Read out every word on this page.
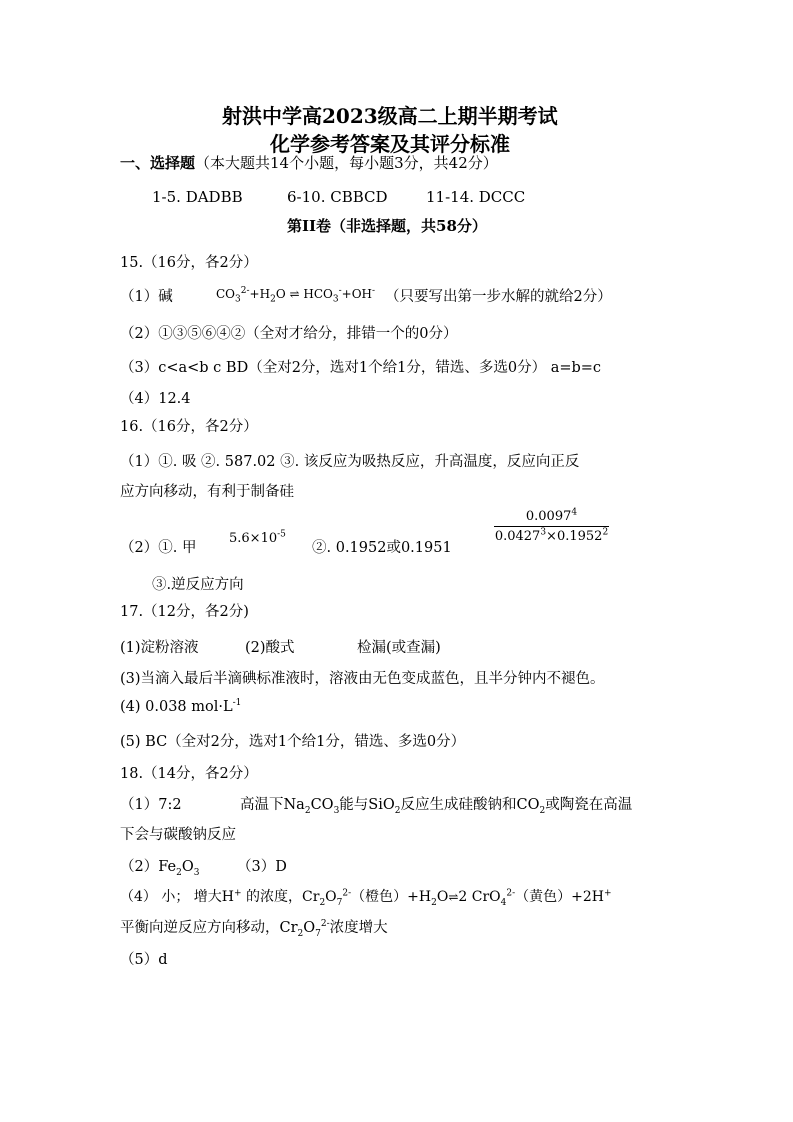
射洪中学高2023级高二上期半期考试
化学参考答案及其评分标准
一、选择题（本大题共14个小题，每小题3分，共42分）
1-5. DADBB	6-10. CBBCD	11-14. DCCC
第II卷（非选择题，共58分）
15.（16分，各2分）
（1）碱	$CO_3^{2-}+H_2O$ ⇌ $HCO_3^-+OH^-$ （只要写出第一步水解的就给2分）
（2）①③⑤⑥④②（全对才给分，排错一个的0分）
（3）c<a<b c BD（全对2分，选对1个给1分，错选、多选0分） a=b=c
（4）12.4
16.（16分，各2分）
（1）①. 吸 ②. 587.02 ③. 该反应为吸热反应，升高温度，反应向正反
应方向移动，有利于制备硅
（2）①. 甲
$5.6\times 10^{-5}$
②. 0.1952或0.1951
0.0097$^4$
$0.0427^3\times 0.1952^2$
③.逆反应方向
17.（12分，各2分)
(1)淀粉溶液	(2)酸式	检漏(或查漏)
(3)当滴入最后半滴碘标准液时，溶液由无色变成蓝色，且半分钟内不褪色。
(4) 0.038 $mol\cdot L^{-1}$
(5) BC（全对2分，选对1个给1分，错选、多选0分）
18.（14分，各2分）
（1）7:2	高温下$Na_2CO_3$能与SiO$_2$反应生成硅酸钠和$CO_2$或陶瓷在高温
下会与碳酸钠反应
$(2)Fe_2O_3$	（3）D
（4） 小； 增大H+ 的浓度，$Cr_2O_7^{2-}$（橙色）$+H_2O\rightleftharpoons 2$ CrO$_4^{2-}$（黄色）+2H+
平衡向逆反应方向移动，$Cr_2O_7^{2-}$浓度增大
（5）d
